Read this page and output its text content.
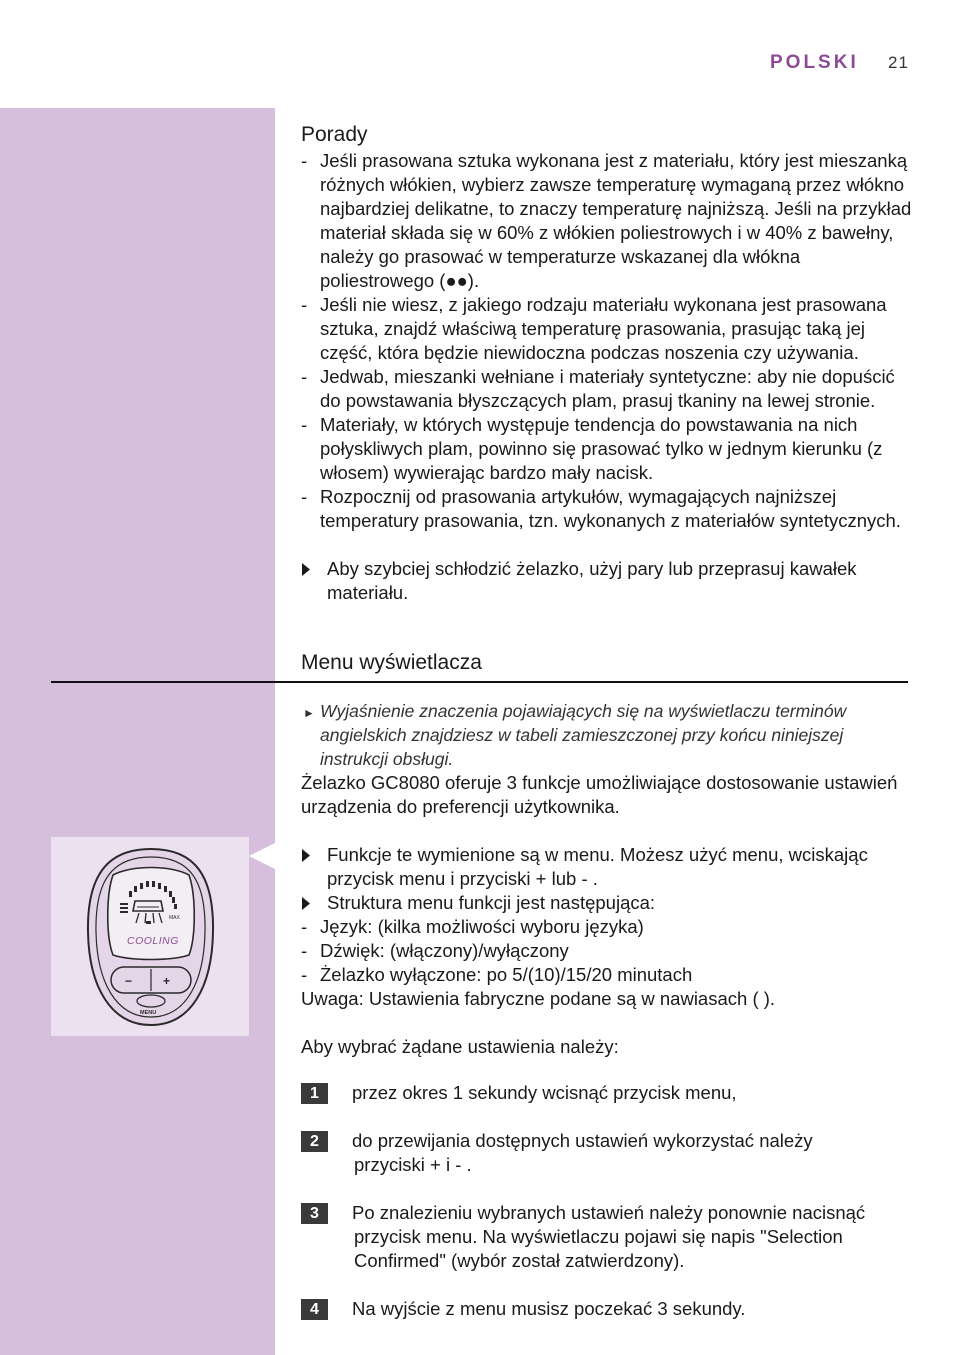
POLSKI 21
Porady
- Jeśli prasowana sztuka wykonana jest z materiału, który jest mieszanką różnych włókien, wybierz zawsze temperaturę wymaganą przez włókno najbardziej delikatne, to znaczy temperaturę najniższą. Jeśli na przykład materiał składa się w 60% z włókien poliestrowych i w 40% z bawełny, należy go prasować w temperaturze wskazanej dla włókna poliestrowego (●●).
- Jeśli nie wiesz, z jakiego rodzaju materiału wykonana jest prasowana sztuka, znajdź właściwą temperaturę prasowania, prasując taką jej część, która będzie niewidoczna podczas noszenia czy używania.
- Jedwab, mieszanki wełniane i materiały syntetyczne: aby nie dopuścić do powstawania błyszczących plam, prasuj tkaniny na lewej stronie.
- Materiały, w których występuje tendencja do powstawania na nich połyskliwych plam, powinno się prasować tylko w jednym kierunku (z włosem) wywierając bardzo mały nacisk.
- Rozpocznij od prasowania artykułów, wymagających najniższej temperatury prasowania, tzn. wykonanych z materiałów syntetycznych.
Aby szybciej schłodzić żelazko, użyj pary lub przeprasuj kawałek materiału.
Menu wyświetlacza
► Wyjaśnienie znaczenia pojawiających się na wyświetlaczu terminów angielskich znajdziesz w tabeli zamieszczonej przy końcu niniejszej instrukcji obsługi.
Żelazko GC8080 oferuje 3 funkcje umożliwiające dostosowanie ustawień urządzenia do preferencji użytkownika.
Funkcje te wymienione są w menu. Możesz użyć menu, wciskając przycisk menu i przyciski + lub - .
Struktura menu funkcji jest następująca:
- Język: (kilka możliwości wyboru języka)
- Dźwięk: (włączony)/wyłączony
- Żelazko wyłączone: po 5/(10)/15/20 minutach
Uwaga: Ustawienia fabryczne podane są w nawiasach ( ).
Aby wybrać żądane ustawienia należy:
1	przez okres 1 sekundy wcisnąć przycisk menu,
2	do przewijania dostępnych ustawień wykorzystać należy
przyciski + i - .
3	Po znalezieniu wybranych ustawień należy ponownie nacisnąć
przycisk menu. Na wyświetlaczu pojawi się napis "Selection Confirmed" (wybór został zatwierdzony).
4	Na wyjście z menu musisz poczekać 3 sekundy.
MAX
COOLING
−	+
MENU
